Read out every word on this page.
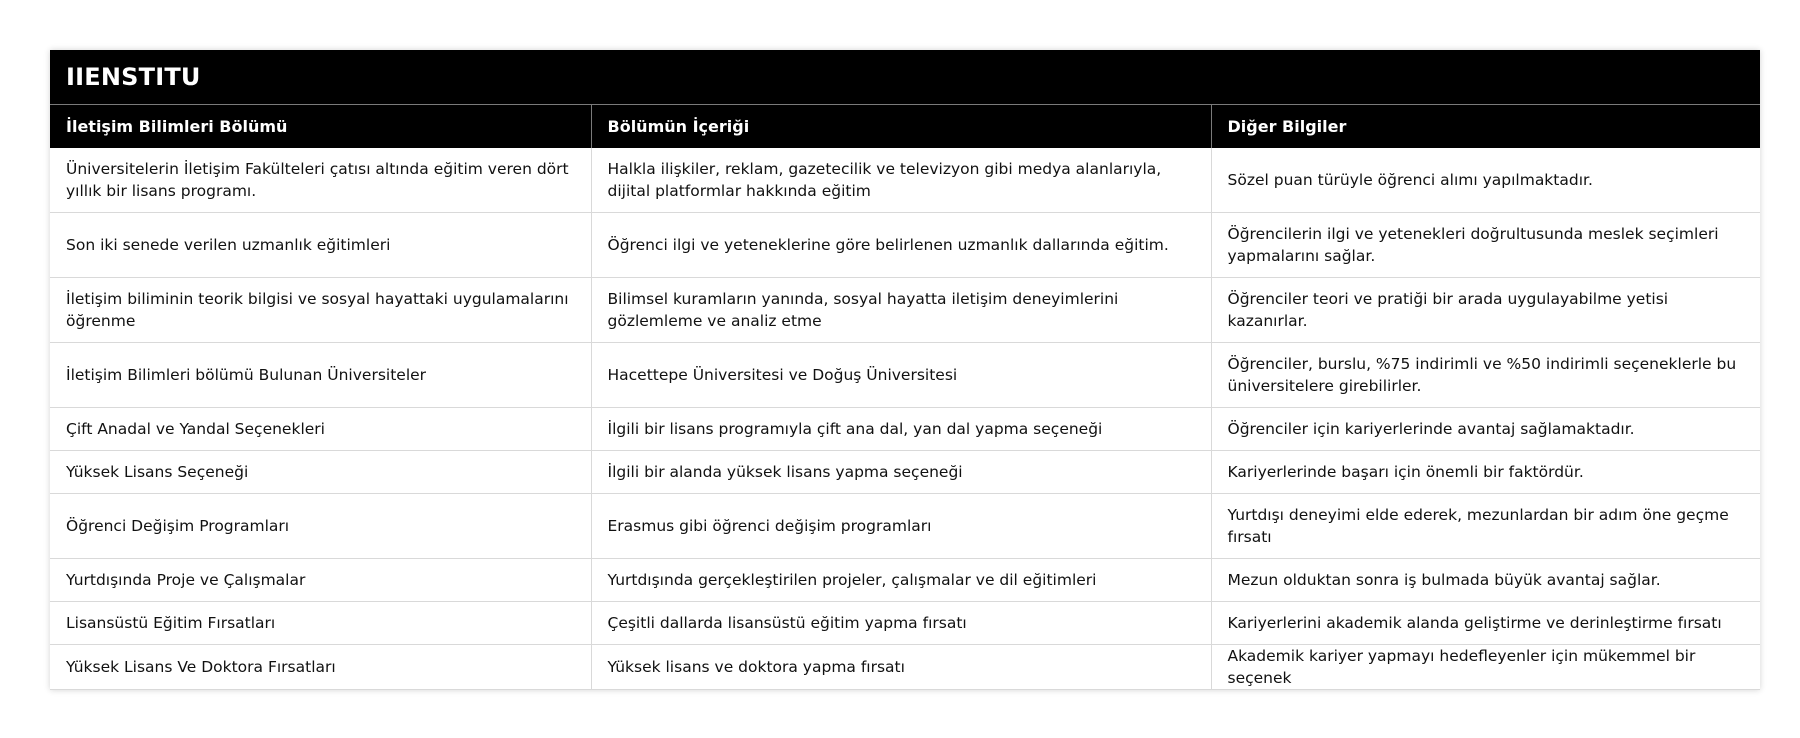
IIENSTITU
İletişim Bilimleri Bölümü	Bölümün İçeriği	Diğer Bilgiler
Üniversitelerin İletişim Fakülteleri çatısı altında eğitim veren dört yıllık bir lisans programı.	Halkla ilişkiler, reklam, gazetecilik ve televizyon gibi medya alanlarıyla, dijital platformlar hakkında eğitim	Sözel puan türüyle öğrenci alımı yapılmaktadır.
Son iki senede verilen uzmanlık eğitimleri	Öğrenci ilgi ve yeteneklerine göre belirlenen uzmanlık dallarında eğitim.	Öğrencilerin ilgi ve yetenekleri doğrultusunda meslek seçimleri yapmalarını sağlar.
İletişim biliminin teorik bilgisi ve sosyal hayattaki uygulamalarını öğrenme	Bilimsel kuramların yanında, sosyal hayatta iletişim deneyimlerini gözlemleme ve analiz etme	Öğrenciler teori ve pratiği bir arada uygulayabilme yetisi kazanırlar.
İletişim Bilimleri bölümü Bulunan Üniversiteler	Hacettepe Üniversitesi ve Doğuş Üniversitesi	Öğrenciler, burslu, %75 indirimli ve %50 indirimli seçeneklerle bu üniversitelere girebilirler.
Çift Anadal ve Yandal Seçenekleri	İlgili bir lisans programıyla çift ana dal, yan dal yapma seçeneği	Öğrenciler için kariyerlerinde avantaj sağlamaktadır.
Yüksek Lisans Seçeneği	İlgili bir alanda yüksek lisans yapma seçeneği	Kariyerlerinde başarı için önemli bir faktördür.
Öğrenci Değişim Programları	Erasmus gibi öğrenci değişim programları	Yurtdışı deneyimi elde ederek, mezunlardan bir adım öne geçme fırsatı
Yurtdışında Proje ve Çalışmalar	Yurtdışında gerçekleştirilen projeler, çalışmalar ve dil eğitimleri	Mezun olduktan sonra iş bulmada büyük avantaj sağlar.
Lisansüstü Eğitim Fırsatları	Çeşitli dallarda lisansüstü eğitim yapma fırsatı	Kariyerlerini akademik alanda geliştirme ve derinleştirme fırsatı
Yüksek Lisans Ve Doktora Fırsatları	Yüksek lisans ve doktora yapma fırsatı	Akademik kariyer yapmayı hedefleyenler için mükemmel bir seçenek
